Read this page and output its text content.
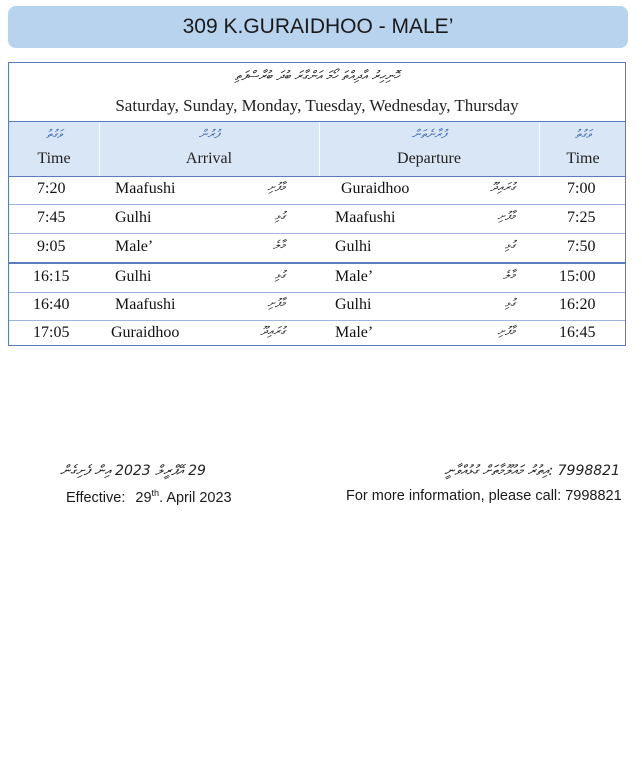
309 K.GURAIDHOO - MALE’
ހޮނިހިރު އާދިއްތަ ހޯމަ އަންގާރަ ބުދަ ބުރާސްފަތި
Saturday, Sunday, Monday, Tuesday, Wednesday, Thursday
ވަގުތު
Time
ފުރުން
Arrival
ފުރާނެތަން
Departure
ވަގުތު
Time
7:20	Maafushi	މާފުށި	Guraidhoo	ގުރައިދޫ	7:00
7:45	Gulhi	ގުޅި	Maafushi	މާފުށި	7:25
9:05	Male’	މާލެ	Gulhi	ގުޅި	7:50
16:15	Gulhi	ގުޅި	Male’	މާލެ	15:00
16:40	Maafushi	މާފުށި	Gulhi	ގުޅި	16:20
17:05	Guraidhoo	ގުރައިދޫ	Male’	މާފުށި	16:45
29 އޭޕްރީލް 2023 އިން ފެށިގެން
Effective: 29th. April 2023
7998821 :އިތުރު މައުލޫމާތަށް ގުޅުއްވާނީ
For more information, please call: 7998821
